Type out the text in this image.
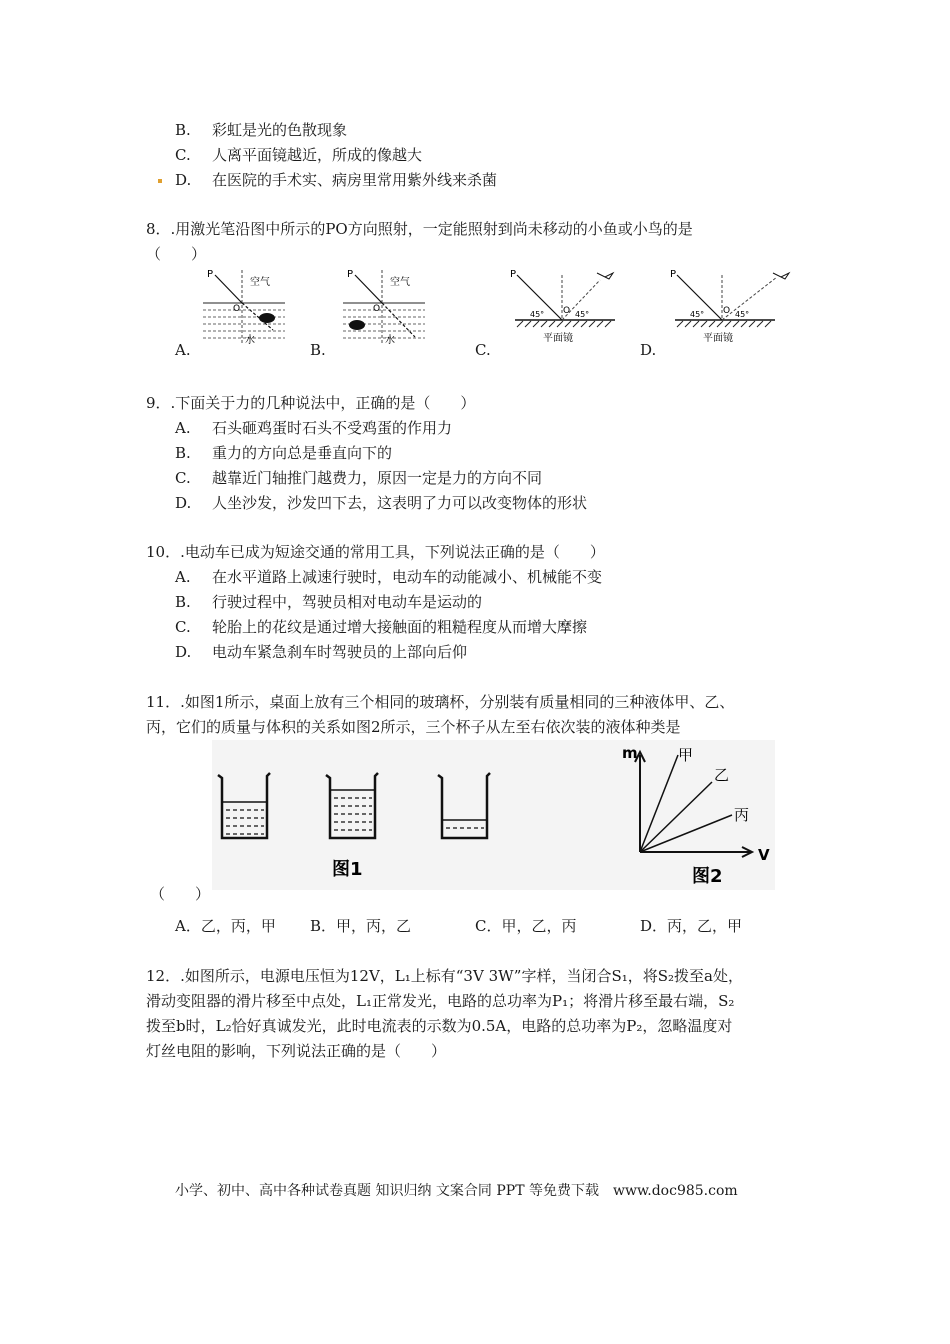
B. 彩虹是光的色散现象
C. 人离平面镜越近，所成的像越大
D. 在医院的手术实、病房里常用紫外线来杀菌
8．.用激光笔沿图中所示的PO方向照射，一定能照射到尚未移动的小鱼或小鸟的是
（　　）
P
O
空气
水
A.
P
O
空气
水
B.
P
O
45°	45°
平面镜
C.
P
O
45°	45°
平面镜
D.
9．.下面关于力的几种说法中，正确的是（　　）
A. 石头砸鸡蛋时石头不受鸡蛋的作用力
B. 重力的方向总是垂直向下的
C. 越靠近门轴推门越费力，原因一定是力的方向不同
D. 人坐沙发，沙发凹下去，这表明了力可以改变物体的形状
10．.电动车已成为短途交通的常用工具，下列说法正确的是（　　）
A. 在水平道路上减速行驶时，电动车的动能减小、机械能不变
B. 行驶过程中，驾驶员相对电动车是运动的
C. 轮胎上的花纹是通过增大接触面的粗糙程度从而增大摩擦
D. 电动车紧急刹车时驾驶员的上部向后仰
11．.如图1所示，桌面上放有三个相同的玻璃杯，分别装有质量相同的三种液体甲、乙、
丙，它们的质量与体积的关系如图2所示，三个杯子从左至右依次装的液体种类是
图1
m
V
甲
乙
丙
图2
（　　）
A．乙，丙，甲 B．甲，丙，乙	C．甲，乙，丙	D．丙，乙，甲
12．.如图所示，电源电压恒为12V，L₁上标有“3V 3W”字样，当闭合S₁，将S₂拨至a处，
滑动变阻器的滑片移至中点处，L₁正常发光，电路的总功率为P₁；将滑片移至最右端，S₂
拨至b时，L₂恰好真诚发光，此时电流表的示数为0.5A，电路的总功率为P₂，忽略温度对
灯丝电阻的影响，下列说法正确的是（　　）
小学、初中、高中各种试卷真题 知识归纳 文案合同 PPT 等免费下载　www.doc985.com
